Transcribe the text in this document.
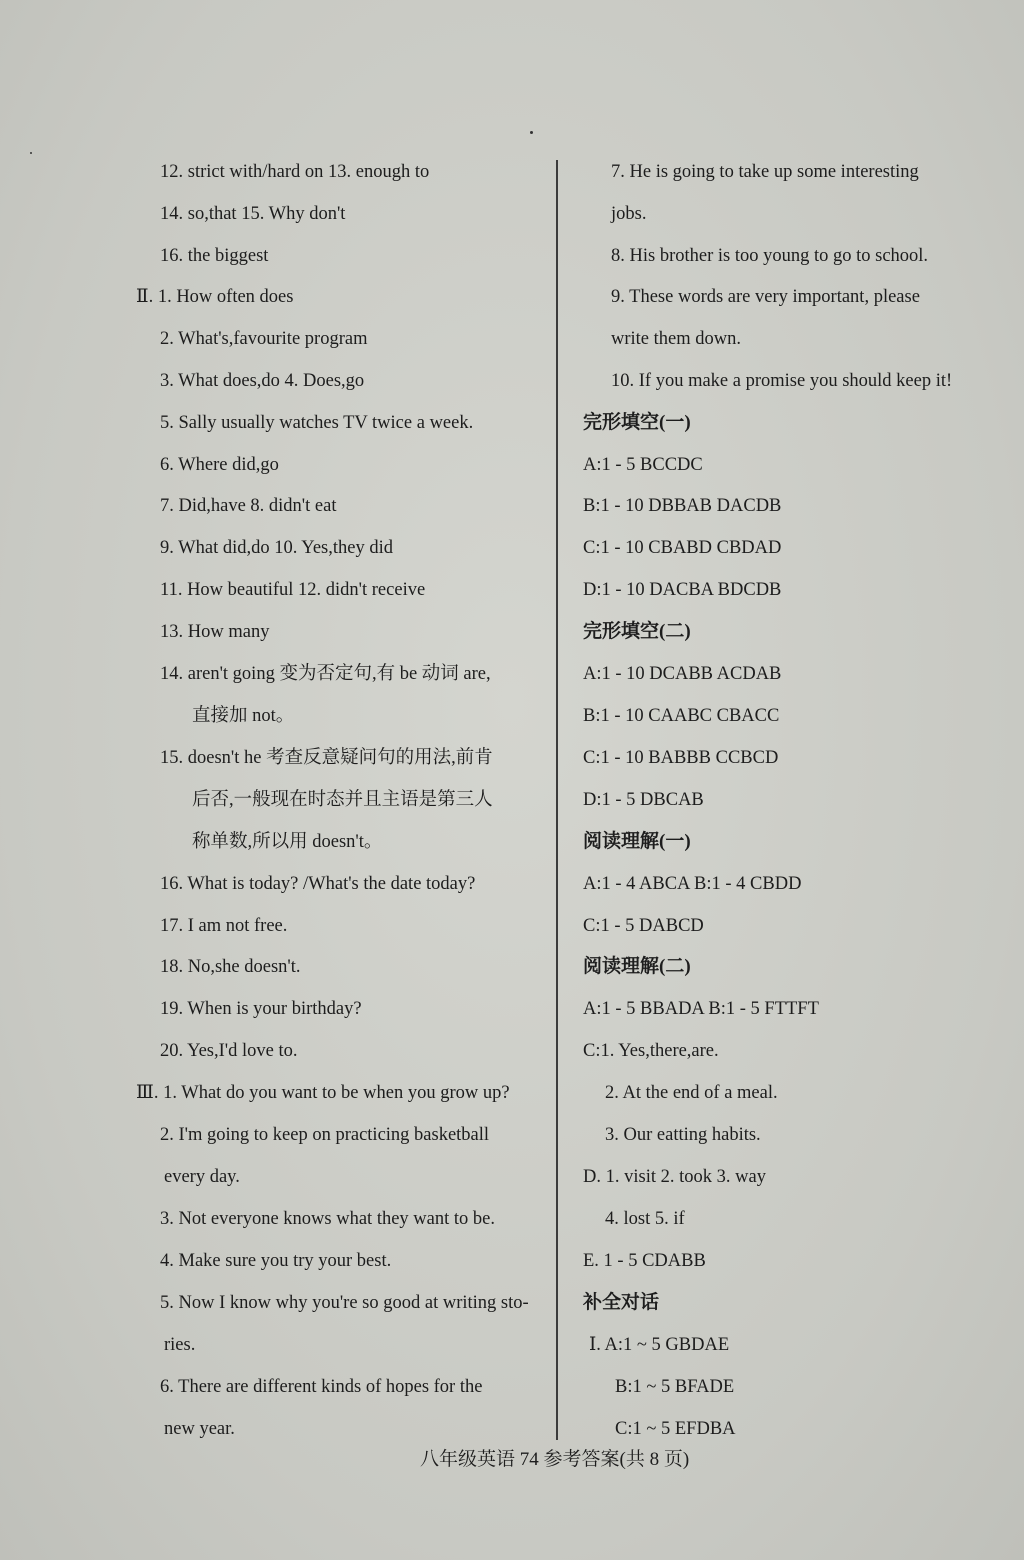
12. strict with/hard on 13. enough to
14. so,that 15. Why don't
16. the biggest
Ⅱ. 1. How often does
2. What's,favourite program
3. What does,do 4. Does,go
5. Sally usually watches TV twice a week.
6. Where did,go
7. Did,have 8. didn't eat
9. What did,do 10. Yes,they did
11. How beautiful 12. didn't receive
13. How many
14. aren't going 变为否定句,有 be 动词 are,
直接加 not。
15. doesn't he 考查反意疑问句的用法,前肯
后否,一般现在时态并且主语是第三人
称单数,所以用 doesn't。
16. What is today? /What's the date today?
17. I am not free.
18. No,she doesn't.
19. When is your birthday?
20. Yes,I'd love to.
Ⅲ. 1. What do you want to be when you grow up?
2. I'm going to keep on practicing basketball
every day.
3. Not everyone knows what they want to be.
4. Make sure you try your best.
5. Now I know why you're so good at writing sto-
ries.
6. There are different kinds of hopes for the
new year.
7. He is going to take up some interesting
jobs.
8. His brother is too young to go to school.
9. These words are very important, please
write them down.
10. If you make a promise you should keep it!
完形填空(一)
A:1 - 5 BCCDC
B:1 - 10 DBBAB DACDB
C:1 - 10 CBABD CBDAD
D:1 - 10 DACBA BDCDB
完形填空(二)
A:1 - 10 DCABB ACDAB
B:1 - 10 CAABC CBACC
C:1 - 10 BABBB CCBCD
D:1 - 5 DBCAB
阅读理解(一)
A:1 - 4 ABCA B:1 - 4 CBDD
C:1 - 5 DABCD
阅读理解(二)
A:1 - 5 BBADA B:1 - 5 FTTFT
C:1. Yes,there,are.
2. At the end of a meal.
3. Our eatting habits.
D. 1. visit 2. took 3. way
4. lost 5. if
E. 1 - 5 CDABB
补全对话
Ⅰ. A:1 ~ 5 GBDAE
B:1 ~ 5 BFADE
C:1 ~ 5 EFDBA
八年级英语 74 参考答案(共 8 页)
